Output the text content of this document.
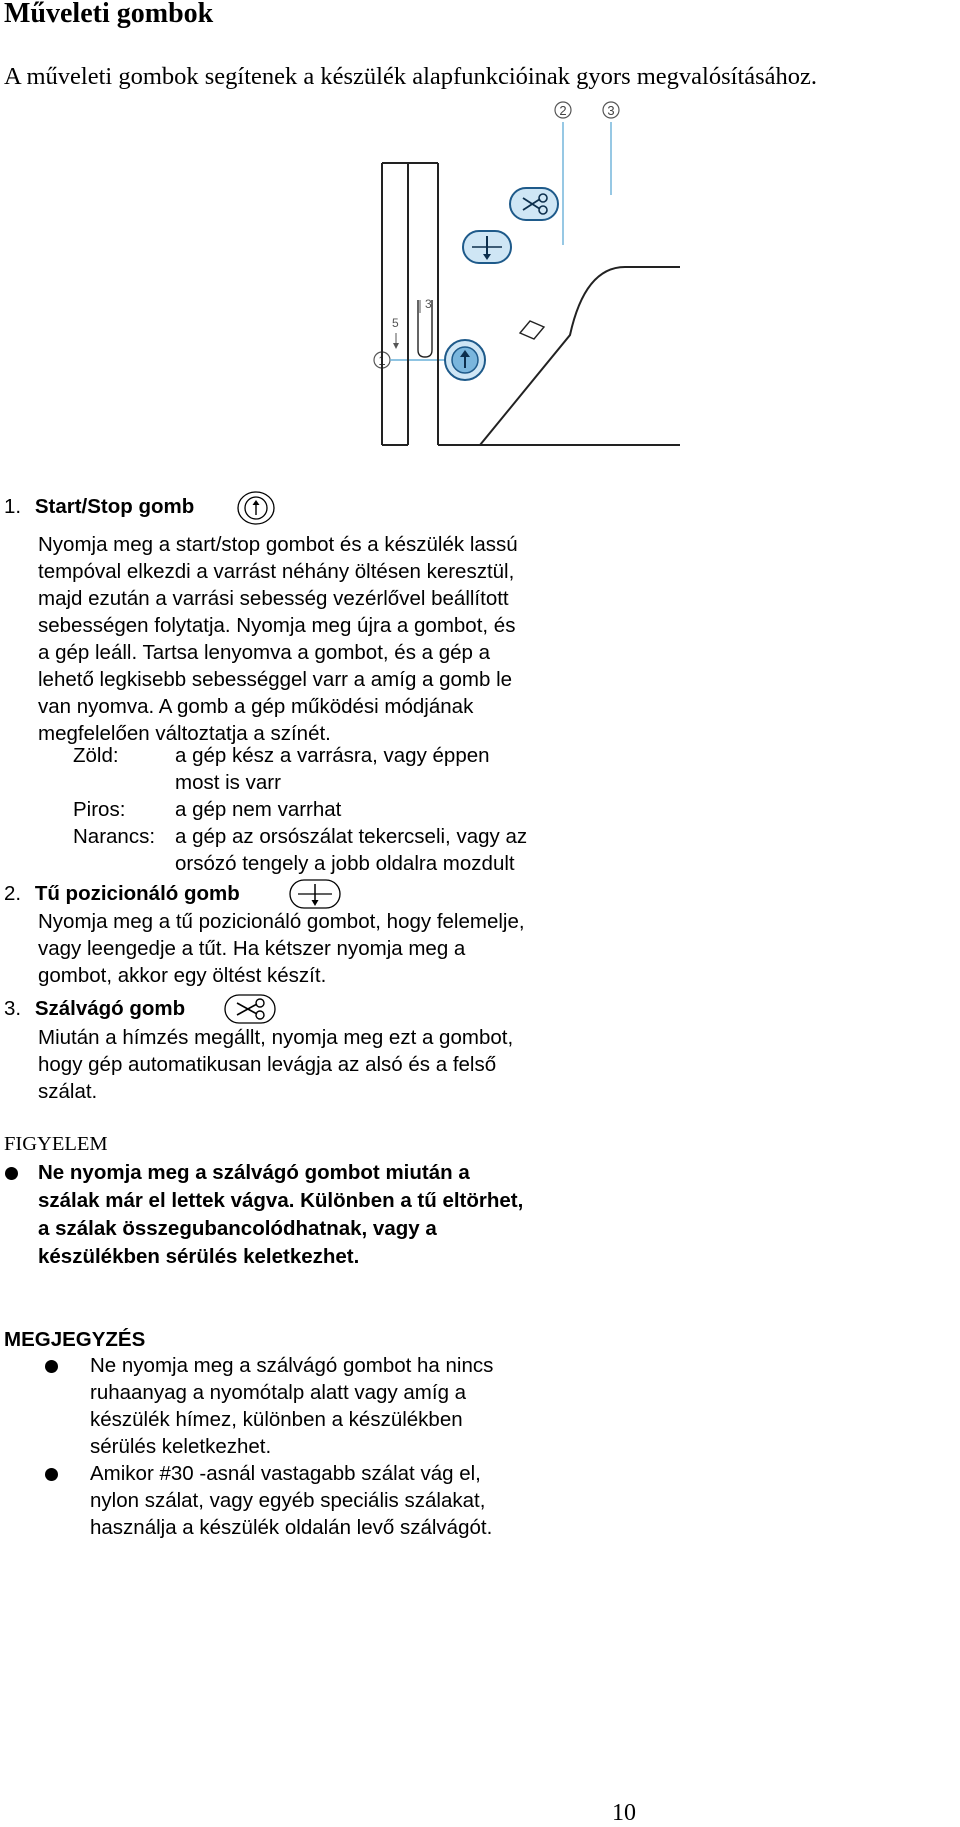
Műveleti gombok
A műveleti gombok segítenek a készülék alapfunkcióinak gyors megvalósításához.
2	3
1
5
3
1. Start/Stop gomb
Nyomja meg a start/stop gombot és a készülék lassú
tempóval elkezdi a varrást néhány öltésen keresztül,
majd ezután a varrási sebesség vezérlővel beállított
sebességen folytatja. Nyomja meg újra a gombot, és
a gép leáll. Tartsa lenyomva a gombot, és a gép a
lehető legkisebb sebességgel varr a amíg a gomb le
van nyomva. A gomb a gép működési módjának
megfelelően változtatja a színét.
Zöld:	a gép kész a varrásra, vagy éppen
most is varr
Piros: a gép nem varrhat
Narancs: a gép az orsószálat tekercseli, vagy az
orsózó tengely a jobb oldalra mozdult
2. Tű pozicionáló gomb
Nyomja meg a tű pozicionáló gombot, hogy felemelje,
vagy leengedje a tűt. Ha kétszer nyomja meg a
gombot, akkor egy öltést készít.
3. Szálvágó gomb
Miután a hímzés megállt, nyomja meg ezt a gombot,
hogy gép automatikusan levágja az alsó és a felső
szálat.
FIGYELEM
Ne nyomja meg a szálvágó gombot miután a
szálak már el lettek vágva. Különben a tű eltörhet,
a szálak összegubancolódhatnak, vagy a
készülékben sérülés keletkezhet.
MEGJEGYZÉS
Ne nyomja meg a szálvágó gombot ha nincs
ruhaanyag a nyomótalp alatt vagy amíg a
készülék hímez, különben a készülékben
sérülés keletkezhet.
Amikor #30 -asnál vastagabb szálat vág el,
nylon szálat, vagy egyéb speciális szálakat,
használja a készülék oldalán levő szálvágót.
10
